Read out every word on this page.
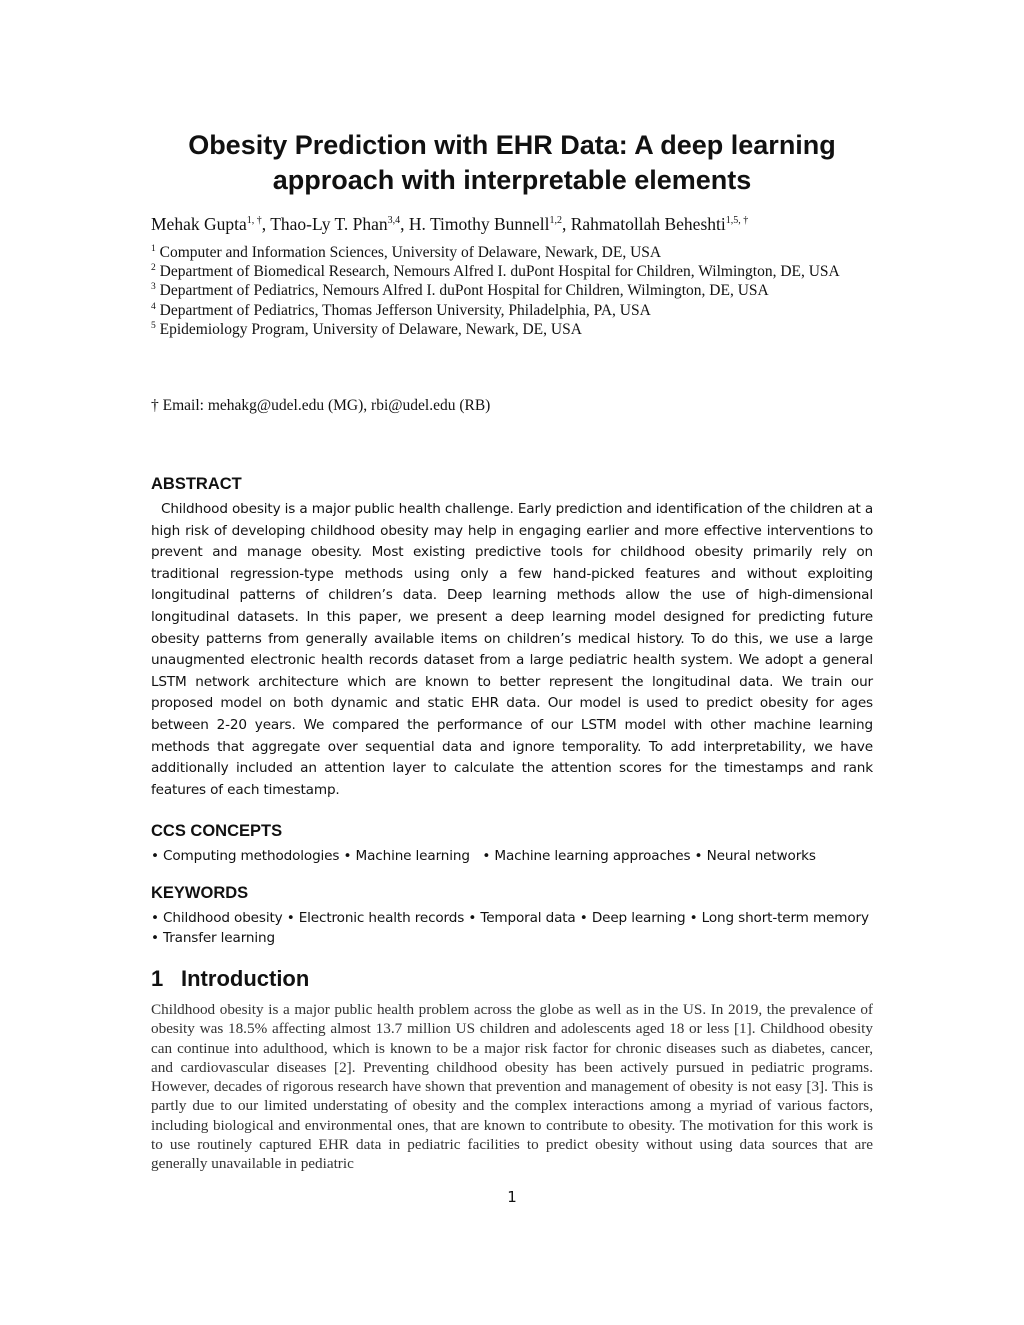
Obesity Prediction with EHR Data: A deep learning
approach with interpretable elements
Mehak Gupta$^{1, \dagger}$, Thao-Ly T. Phan$^{3,4}$, H. Timothy Bunnell$^{1,2}$, Rahmatollah Beheshti$^{1,5, \dagger}$
$^1$ Computer and Information Sciences, University of Delaware, Newark, DE, USA
$^2$ Department of Biomedical Research, Nemours Alfred I. duPont Hospital for Children, Wilmington, DE, USA
$^3$ Department of Pediatrics, Nemours Alfred I. duPont Hospital for Children, Wilmington, DE, USA
$^4$ Department of Pediatrics, Thomas Jefferson University, Philadelphia, PA, USA
$^5$ Epidemiology Program, University of Delaware, Newark, DE, USA
† Email: mehakg@udel.edu (MG), rbi@udel.edu (RB)
ABSTRACT

Childhood obesity is a major public health challenge. Early prediction and identification of the children at a high risk of developing childhood obesity may help in engaging earlier and more effective interventions to prevent and manage obesity. Most existing predictive tools for childhood obesity primarily rely on traditional regression-type methods using only a few hand-picked features and without exploiting longitudinal patterns of children’s data. Deep learning methods allow the use of high-dimensional longitudinal datasets. In this paper, we present a deep learning model designed for predicting future obesity patterns from generally available items on children’s medical history. To do this, we use a large unaugmented electronic health records dataset from a large pediatric health system. We adopt a general LSTM network architecture which are known to better represent the longitudinal data. We train our proposed model on both dynamic and static EHR data. Our model is used to predict obesity for ages between 2-20 years. We compared the performance of our LSTM model with other machine learning methods that aggregate over sequential data and ignore temporality. To add interpretability, we have additionally included an attention layer to calculate the attention scores for the timestamps and rank features of each timestamp.

CCS CONCEPTS
• Computing methodologies • Machine learning   • Machine learning approaches • Neural networks
KEYWORDS
• Childhood obesity • Electronic health records • Temporal data • Deep learning • Long short-term memory • Transfer learning
1 Introduction

Childhood obesity is a major public health problem across the globe as well as in the US. In 2019, the prevalence of obesity was 18.5% affecting almost 13.7 million US children and adolescents aged 18 or less [1]. Childhood obesity can continue into adulthood, which is known to be a major risk factor for chronic diseases such as diabetes, cancer, and cardiovascular diseases [2]. Preventing childhood obesity has been actively pursued in pediatric programs. However, decades of rigorous research have shown that prevention and management of obesity is not easy [3]. This is partly due to our limited understating of obesity and the complex interactions among a myriad of various factors, including biological and environmental ones, that are known to contribute to obesity. The motivation for this work is to use routinely captured EHR data in pediatric facilities to predict obesity without using data sources that are generally unavailable in pediatric

1
